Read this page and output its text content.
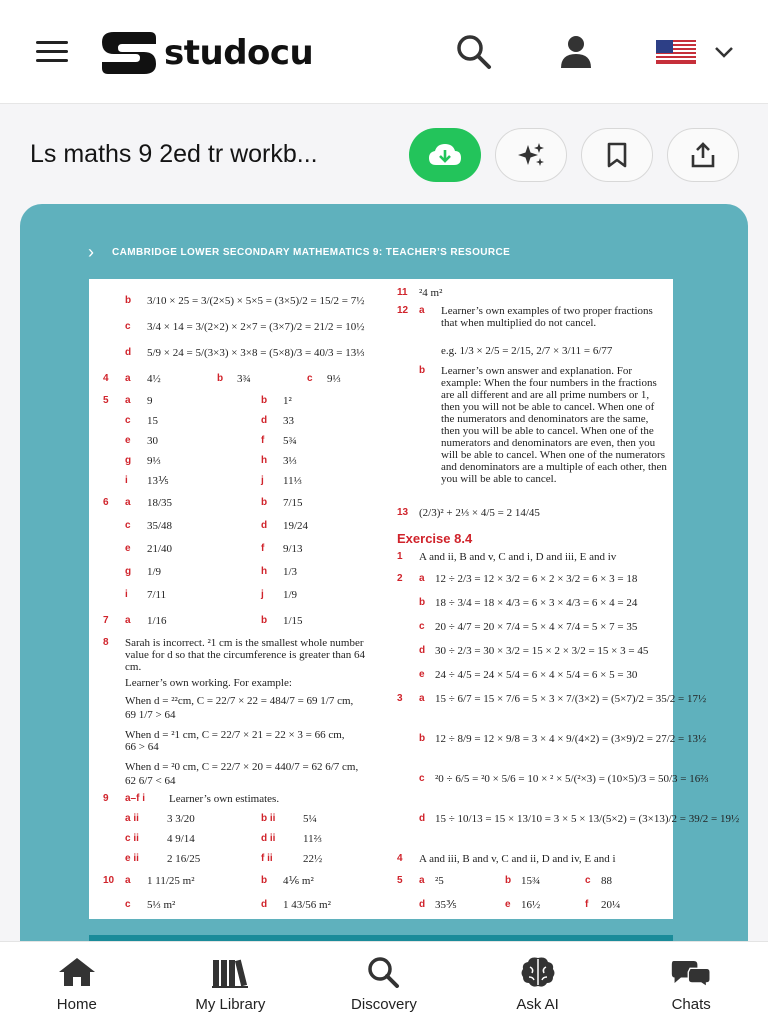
studocu
Ls maths 9 2ed tr workb...
› CAMBRIDGE LOWER SECONDARY MATHEMATICS 9: TEACHER’S RESOURCE
b 3/10 × 25 = 3/(2×5) × 5×5 = (3×5)/2 = 15/2 = 7½
c 3/4 × 14 = 3/(2×2) × 2×7 = (3×7)/2 = 21/2 = 10½
d 5/9 × 24 = 5/(3×3) × 3×8 = (5×8)/3 = 40/3 = 13⅓
4 a 4½	b 3¾	c 9⅓
5 a 9	b 1²
c 15	d 33
e 30	f 5¾
g 9⅓	h 3⅓
i 13⅕	j 11⅓
6 a 18/35	b 7/15
c 35/48	d 19/24
e 21/40	f 9/13
g 1/9	h 1/3
i 7/11	j 1/9
7 a 1/16	b 1/15
8 Sarah is incorrect. ²1 cm is the smallest whole number value for d so that the circumference is greater than 64 cm.
Learner’s own working. For example:
When d = ²²cm, C = 22/7 × 22 = 484/7 = 69 1/7 cm,
69 1/7 > 64
When d = ²1 cm, C = 22/7 × 21 = 22 × 3 = 66 cm,
66 > 64
When d = ²0 cm, C = 22/7 × 20 = 440/7 = 62 6/7 cm,
62 6/7 < 64
9 a–f i Learner’s own estimates.
a ii	3 3/20	b ii	5¼
c ii	4 9/14	d ii	11⅔
e ii	2 16/25	f ii	22½
10 a 1 11/25 m²	b 4⅙ m²
c 5⅓ m²	d 1 43/56 m²
11 ²4 m²
12 a Learner’s own examples of two proper fractions that when multiplied do not cancel.
e.g. 1/3 × 2/5 = 2/15, 2/7 × 3/11 = 6/77
b Learner’s own answer and explanation. For example: When the four numbers in the fractions are all different and are all prime numbers or 1, then you will not be able to cancel. When one of the numerators and denominators are the same, then you will be able to cancel. When one of the numerators and denominators are even, then you will be able to cancel. When one of the numerators and denominators are a multiple of each other, then you will be able to cancel.
13 (2/3)² + 2⅓ × 4/5 = 2 14/45
Exercise 8.4
1 A and ii, B and v, C and i, D and iii, E and iv
2 a 12 ÷ 2/3 = 12 × 3/2 = 6 × 2 × 3/2 = 6 × 3 = 18
b 18 ÷ 3/4 = 18 × 4/3 = 6 × 3 × 4/3 = 6 × 4 = 24
c 20 ÷ 4/7 = 20 × 7/4 = 5 × 4 × 7/4 = 5 × 7 = 35
d 30 ÷ 2/3 = 30 × 3/2 = 15 × 2 × 3/2 = 15 × 3 = 45
e 24 ÷ 4/5 = 24 × 5/4 = 6 × 4 × 5/4 = 6 × 5 = 30
3 a 15 ÷ 6/7 = 15 × 7/6 = 5 × 3 × 7/(3×2) = (5×7)/2 = 35/2 = 17½
b 12 ÷ 8/9 = 12 × 9/8 = 3 × 4 × 9/(4×2) = (3×9)/2 = 27/2 = 13½
c ²0 ÷ 6/5 = ²0 × 5/6 = 10 × ² × 5/(²×3) = (10×5)/3 = 50/3 = 16⅔
d 15 ÷ 10/13 = 15 × 13/10 = 3 × 5 × 13/(5×2) = (3×13)/2 = 39/2 = 19½
4 A and iii, B and v, C and ii, D and iv, E and i
5 a ²5	b 15¾	c 88
d 35⅗	e 16½	f 20¼
Home	My Library	Discovery	Ask AI	Chats
